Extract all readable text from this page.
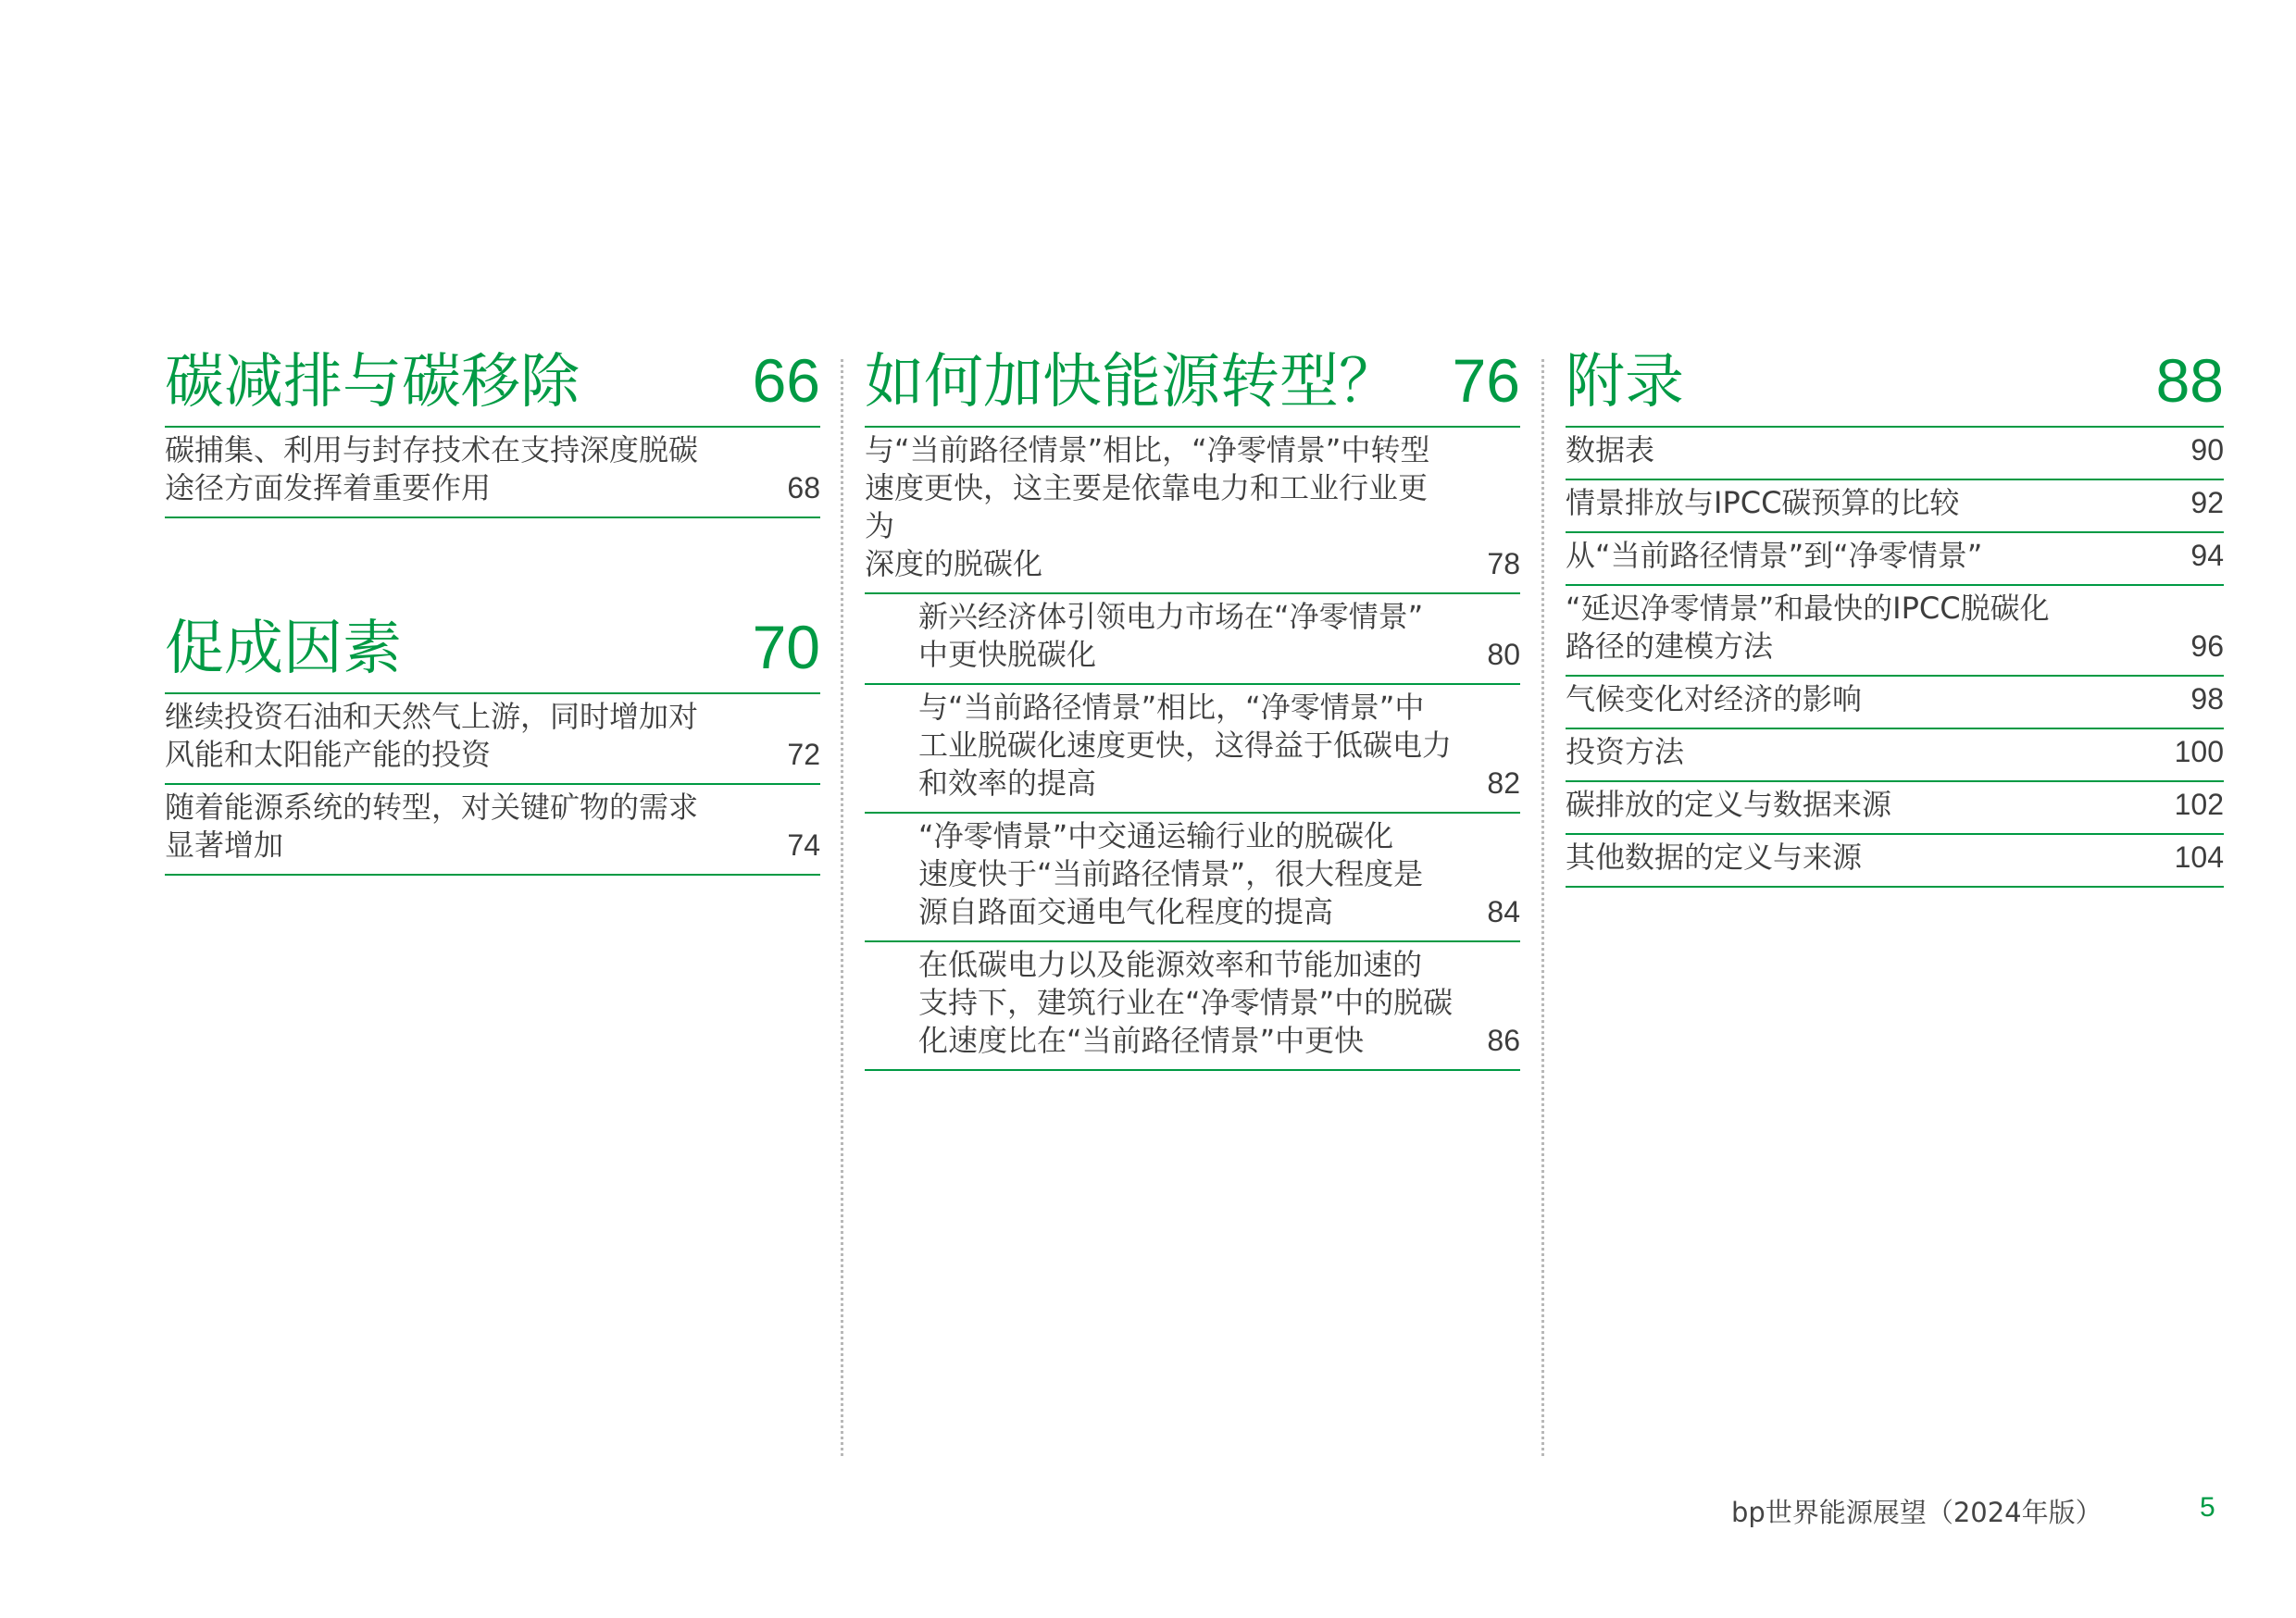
碳减排与碳移除	66
碳捕集、利用与封存技术在支持深度脱碳
途径方面发挥着重要作用	68
促成因素	70
继续投资石油和天然气上游，同时增加对
风能和太阳能产能的投资	72
随着能源系统的转型，对关键矿物的需求
显著增加	74
如何加快能源转型？ 76
与“当前路径情景”相比，“净零情景”中转型
速度更快，这主要是依靠电力和工业行业更为
深度的脱碳化	78
新兴经济体引领电力市场在“净零情景”
中更快脱碳化	80
与“当前路径情景”相比，“净零情景”中
工业脱碳化速度更快，这得益于低碳电力
和效率的提高	82
“净零情景”中交通运输行业的脱碳化
速度快于“当前路径情景”，很大程度是
源自路面交通电气化程度的提高	84
在低碳电力以及能源效率和节能加速的
支持下，建筑行业在“净零情景”中的脱碳
化速度比在“当前路径情景”中更快	86
附录	88
数据表	90
情景排放与IPCC碳预算的比较	92
从“当前路径情景”到“净零情景”	94
“延迟净零情景”和最快的IPCC脱碳化
路径的建模方法	96
气候变化对经济的影响	98
投资方法	100
碳排放的定义与数据来源	102
其他数据的定义与来源	104
bp世界能源展望（2024年版）	5
